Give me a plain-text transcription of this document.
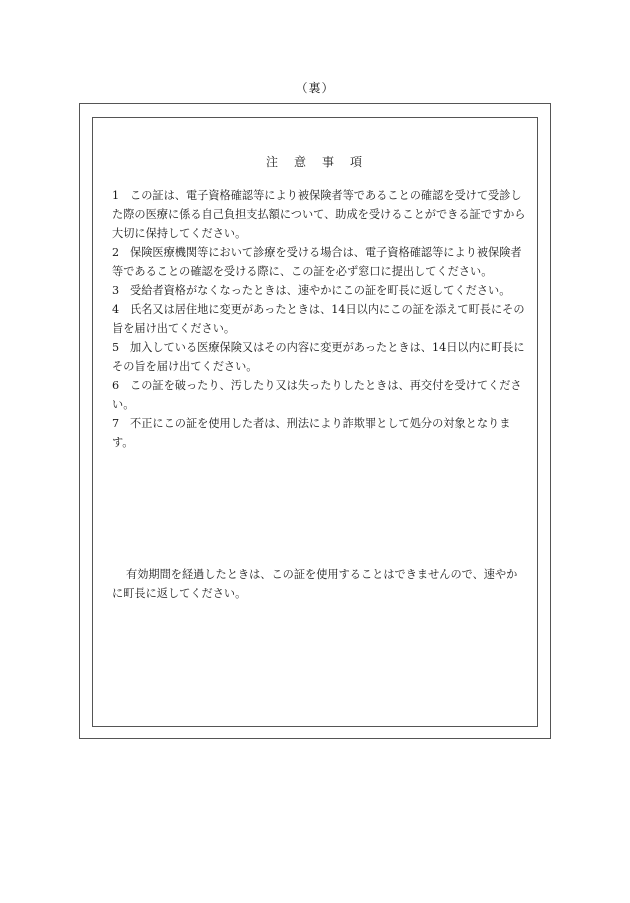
（裏）
注　意　事　項
1 この証は、電子資格確認等により被保険者等であることの確認を受けて受診した際の医療に係る自己負担支払額について、助成を受けることができる証ですから大切に保持してください。
2 保険医療機関等において診療を受ける場合は、電子資格確認等により被保険者等であることの確認を受ける際に、この証を必ず窓口に提出してください。
3 受給者資格がなくなったときは、速やかにこの証を町長に返してください。
4 氏名又は居住地に変更があったときは、14日以内にこの証を添えて町長にその旨を届け出てください。
5 加入している医療保険又はその内容に変更があったときは、14日以内に町長にその旨を届け出てください。
6 この証を破ったり、汚したり又は失ったりしたときは、再交付を受けてください。
7 不正にこの証を使用した者は、刑法により詐欺罪として処分の対象となります。
有効期間を経過したときは、この証を使用することはできませんので、速やかに町長に返してください。
